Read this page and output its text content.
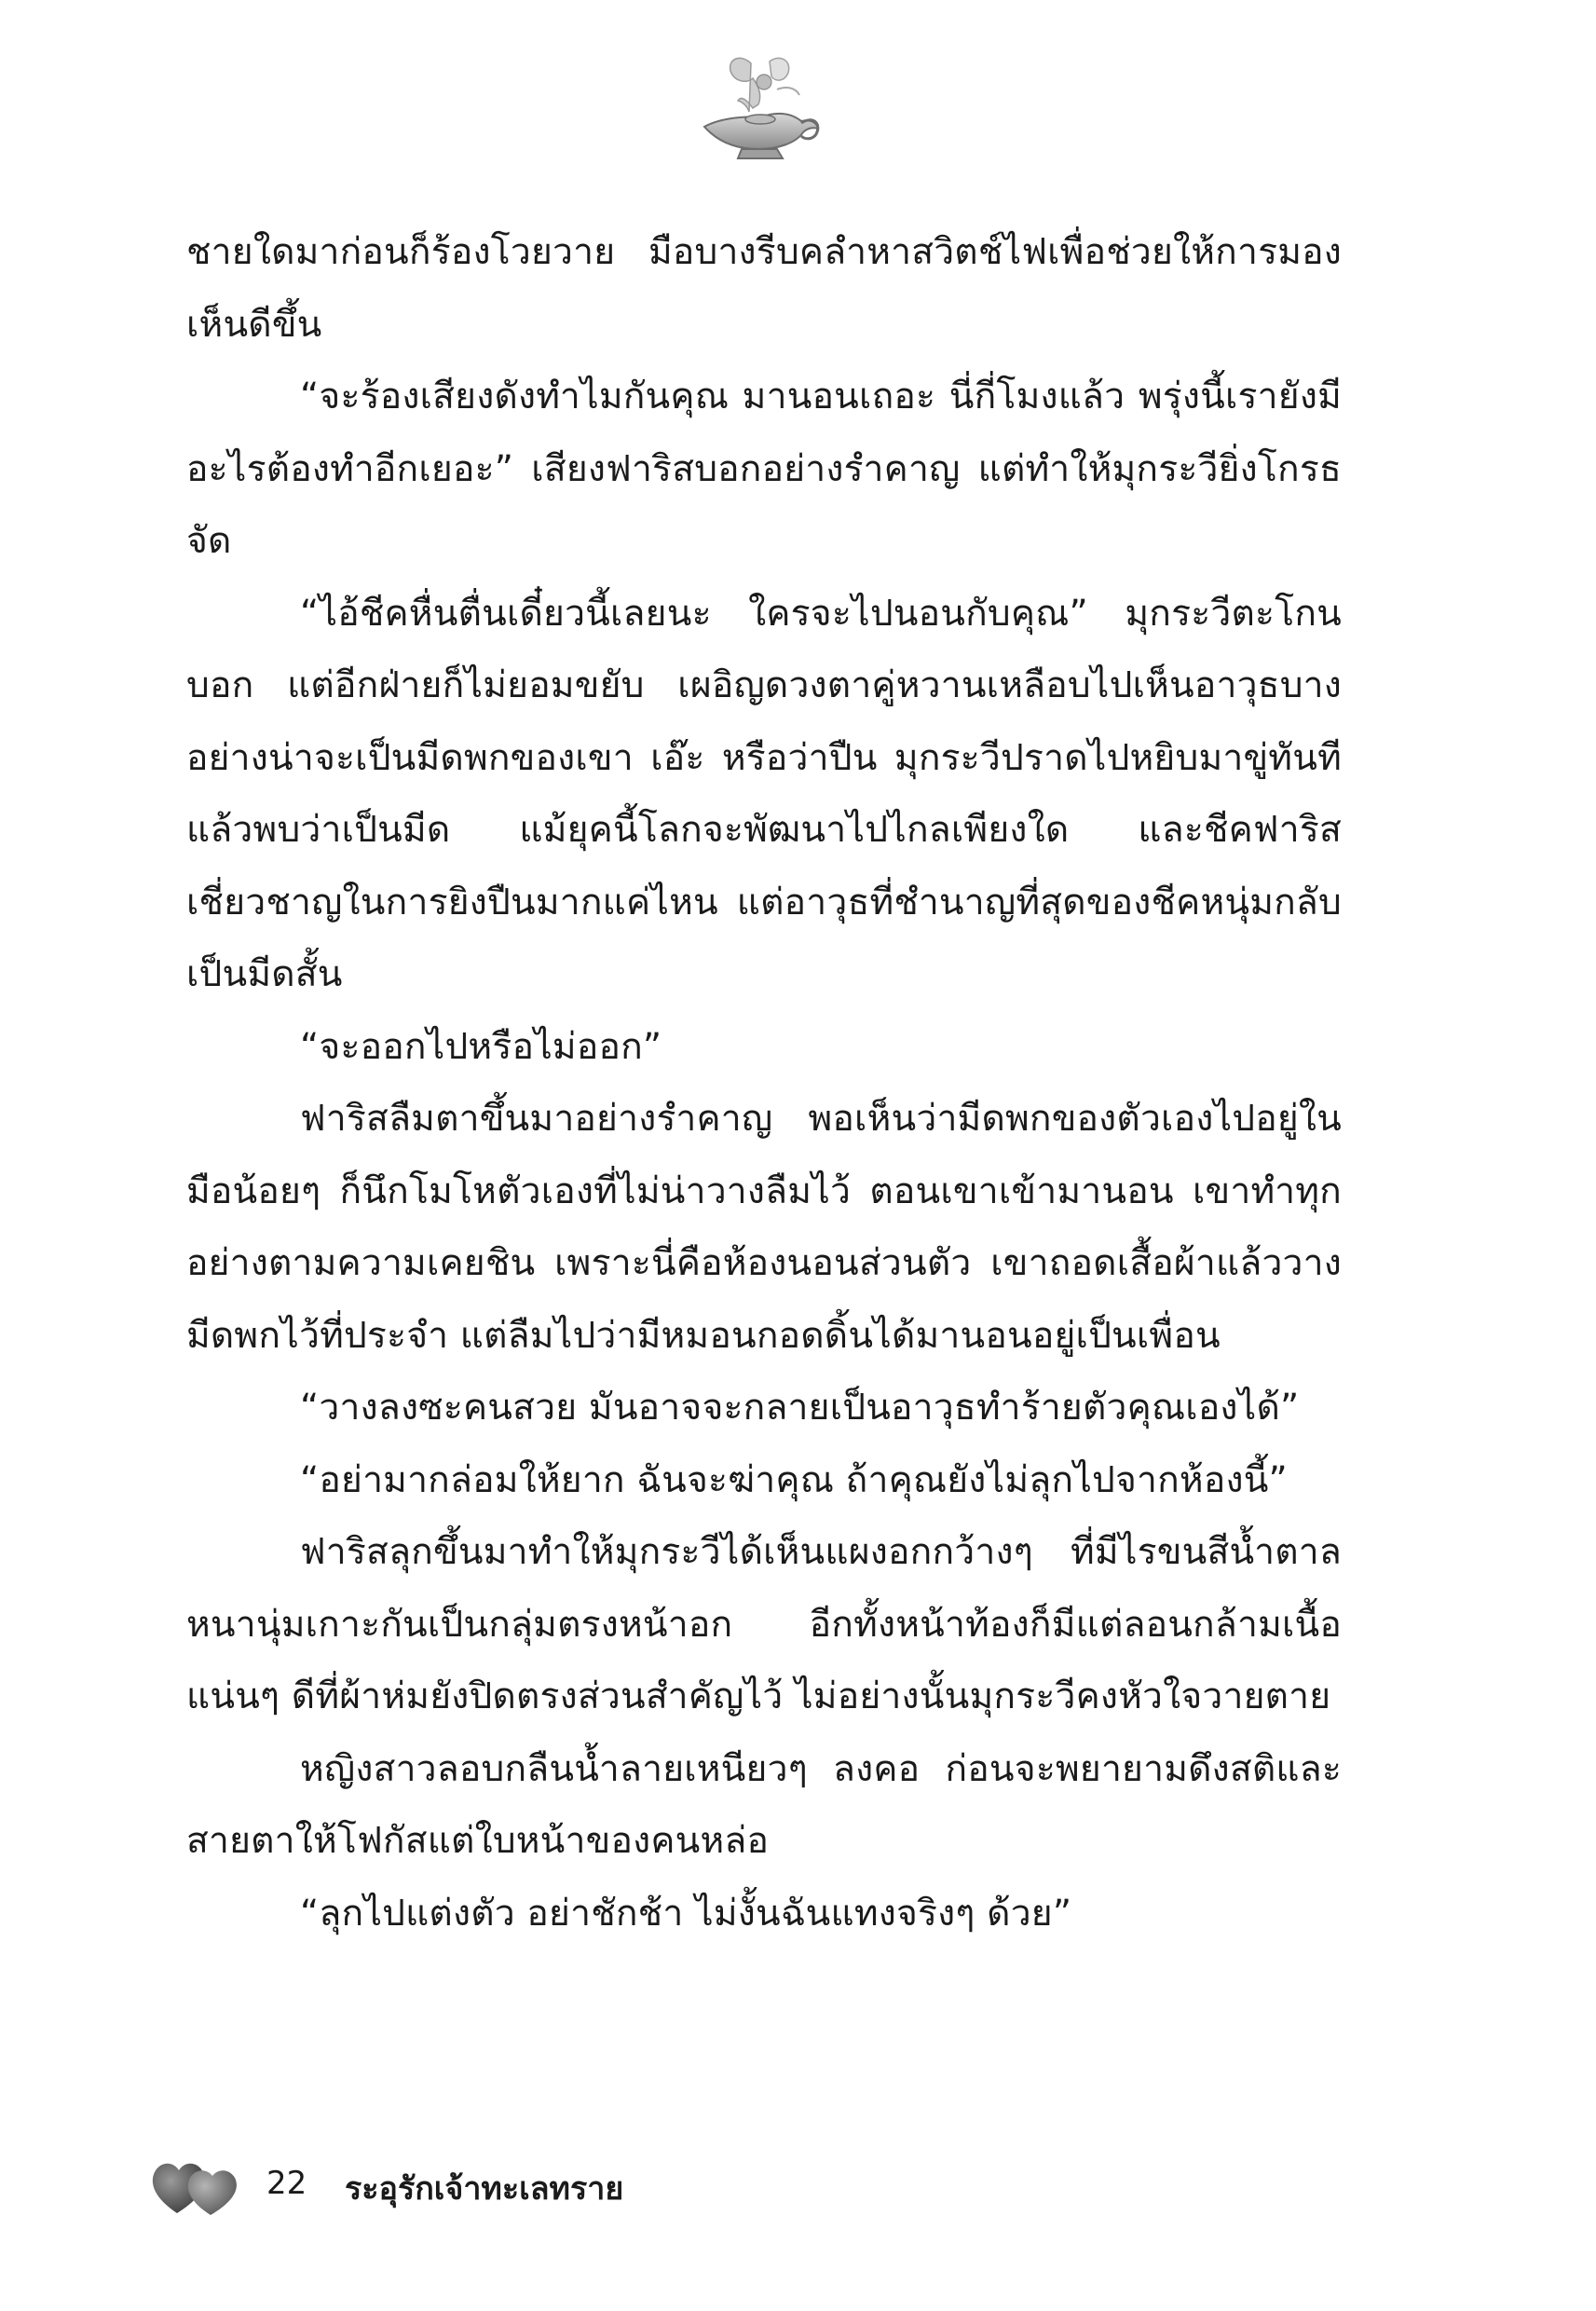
ชายใดมาก่อนก็ร้องโวยวาย มือบางรีบคลำหาสวิตช์ไฟเพื่อช่วยให้การมองเห็นดีขึ้น

“จะร้องเสียงดังทำไมกันคุณ มานอนเถอะ นี่กี่โมงแล้ว พรุ่งนี้เรายังมีอะไรต้องทำอีกเยอะ” เสียงฟาริสบอกอย่างรำคาญ แต่ทำให้มุกระวียิ่งโกรธจัด

“ไอ้ชีคหื่นตื่นเดี๋ยวนี้เลยนะ ใครจะไปนอนกับคุณ” มุกระวีตะโกนบอก แต่อีกฝ่ายก็ไม่ยอมขยับ เผอิญดวงตาคู่หวานเหลือบไปเห็นอาวุธบางอย่างน่าจะเป็นมีดพกของเขา เอ๊ะ หรือว่าปืน มุกระวีปราดไปหยิบมาขู่ทันที แล้วพบว่าเป็นมีด แม้ยุคนี้โลกจะพัฒนาไปไกลเพียงใด และชีคฟาริสเชี่ยวชาญในการยิงปืนมากแค่ไหน แต่อาวุธที่ชำนาญที่สุดของชีคหนุ่มกลับเป็นมีดสั้น

“จะออกไปหรือไม่ออก”

ฟาริสลืมตาขึ้นมาอย่างรำคาญ พอเห็นว่ามีดพกของตัวเองไปอยู่ในมือน้อยๆ ก็นึกโมโหตัวเองที่ไม่น่าวางลืมไว้ ตอนเขาเข้ามานอน เขาทำทุกอย่างตามความเคยชิน เพราะนี่คือห้องนอนส่วนตัว เขาถอดเสื้อผ้าแล้ววางมีดพกไว้ที่ประจำ แต่ลืมไปว่ามีหมอนกอดดิ้นได้มานอนอยู่เป็นเพื่อน

“วางลงซะคนสวย มันอาจจะกลายเป็นอาวุธทำร้ายตัวคุณเองได้”

“อย่ามากล่อมให้ยาก ฉันจะฆ่าคุณ ถ้าคุณยังไม่ลุกไปจากห้องนี้”

ฟาริสลุกขึ้นมาทำให้มุกระวีได้เห็นแผงอกกว้างๆ ที่มีไรขนสีน้ำตาลหนานุ่มเกาะกันเป็นกลุ่มตรงหน้าอก อีกทั้งหน้าท้องก็มีแต่ลอนกล้ามเนื้อแน่นๆ ดีที่ผ้าห่มยังปิดตรงส่วนสำคัญไว้ ไม่อย่างนั้นมุกระวีคงหัวใจวายตาย

หญิงสาวลอบกลืนน้ำลายเหนียวๆ ลงคอ ก่อนจะพยายามดึงสติและสายตาให้โฟกัสแต่ใบหน้าของคนหล่อ

“ลุกไปแต่งตัว อย่าชักช้า ไม่งั้นฉันแทงจริงๆ ด้วย”

22 ระอุรักเจ้าทะเลทราย
